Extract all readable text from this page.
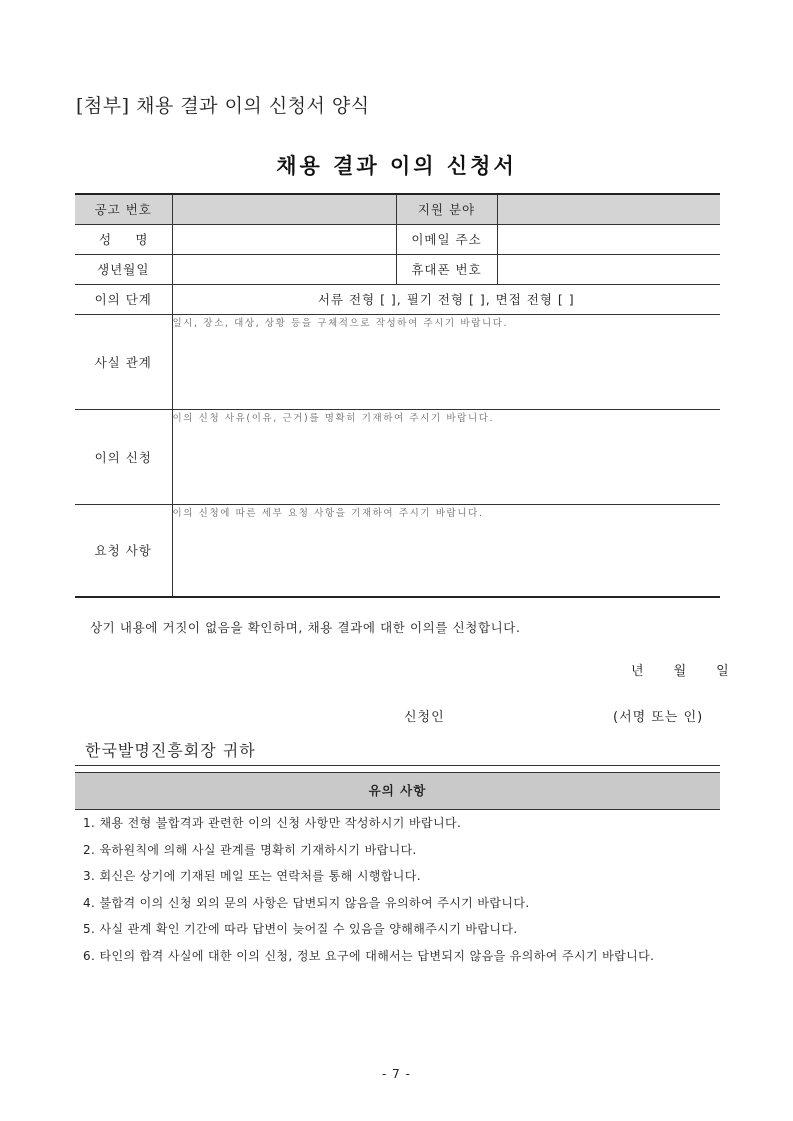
[첨부] 채용 결과 이의 신청서 양식
채용 결과 이의 신청서
공고 번호		지원 분야	

성 명		이메일 주소	
생년월일		휴대폰 번호	
이의 단계	서류 전형 [ ], 필기 전형 [ ], 면접 전형 [ ]		
사실 관계	일시, 장소, 대상, 상황 등을 구체적으로 작성하여 주시기 바랍니다.		
이의 신청	이의 신청 사유(이유, 근거)를 명확히 기재하여 주시기 바랍니다.		
요청 사항	이의 신청에 따른 세부 요청 사항을 기재하여 주시기 바랍니다.		
상기 내용에 거짓이 없음을 확인하며, 채용 결과에 대한 이의를 신청합니다.
년 월 일
신청인	(서명 또는 인)
한국발명진흥회장 귀하
유의 사항
1. 채용 전형 불합격과 관련한 이의 신청 사항만 작성하시기 바랍니다.
2. 육하원칙에 의해 사실 관계를 명확히 기재하시기 바랍니다.
3. 회신은 상기에 기재된 메일 또는 연락처를 통해 시행합니다.
4. 불합격 이의 신청 외의 문의 사항은 답변되지 않음을 유의하여 주시기 바랍니다.
5. 사실 관계 확인 기간에 따라 답변이 늦어질 수 있음을 양해해주시기 바랍니다.
6. 타인의 합격 사실에 대한 이의 신청, 정보 요구에 대해서는 답변되지 않음을 유의하여 주시기 바랍니다.
- 7 -
